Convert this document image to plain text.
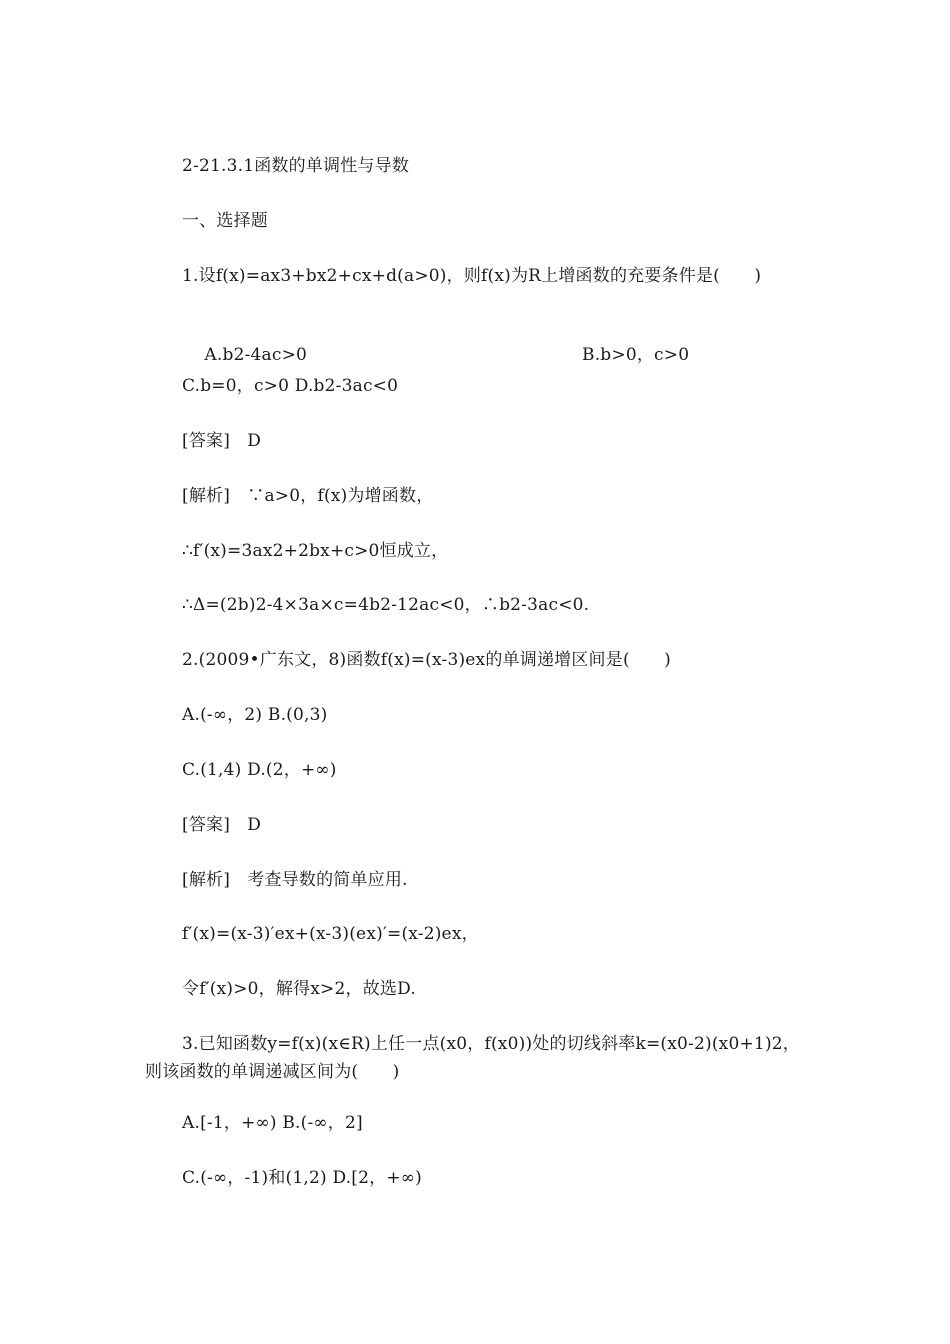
2-21.3.1函数的单调性与导数
一、选择题
1.设f(x)=ax3+bx2+cx+d(a>0)，则f(x)为R上增函数的充要条件是(　　)

A.b2-4ac>0	B.b>0，c>0

C.b=0，c>0 D.b2-3ac<0
[答案]　D
[解析]　∵a>0，f(x)为增函数，
∴f′(x)=3ax2+2bx+c>0恒成立，
∴Δ=(2b)2-4×3a×c=4b2-12ac<0，∴b2-3ac<0.
2.(2009•广东文，8)函数f(x)=(x-3)ex的单调递增区间是(　　)
A.(-∞，2) B.(0,3)
C.(1,4) D.(2，+∞)
[答案]　D
[解析]　考查导数的简单应用.
f′(x)=(x-3)′ex+(x-3)(ex)′=(x-2)ex，
令f′(x)>0，解得x>2，故选D.
3.已知函数y=f(x)(x∈R)上任一点(x0，f(x0))处的切线斜率k=(x0-2)(x0+1)2，则该函数的单调递减区间为(　　)
A.[-1，+∞) B.(-∞，2]
C.(-∞，-1)和(1,2) D.[2，+∞)
